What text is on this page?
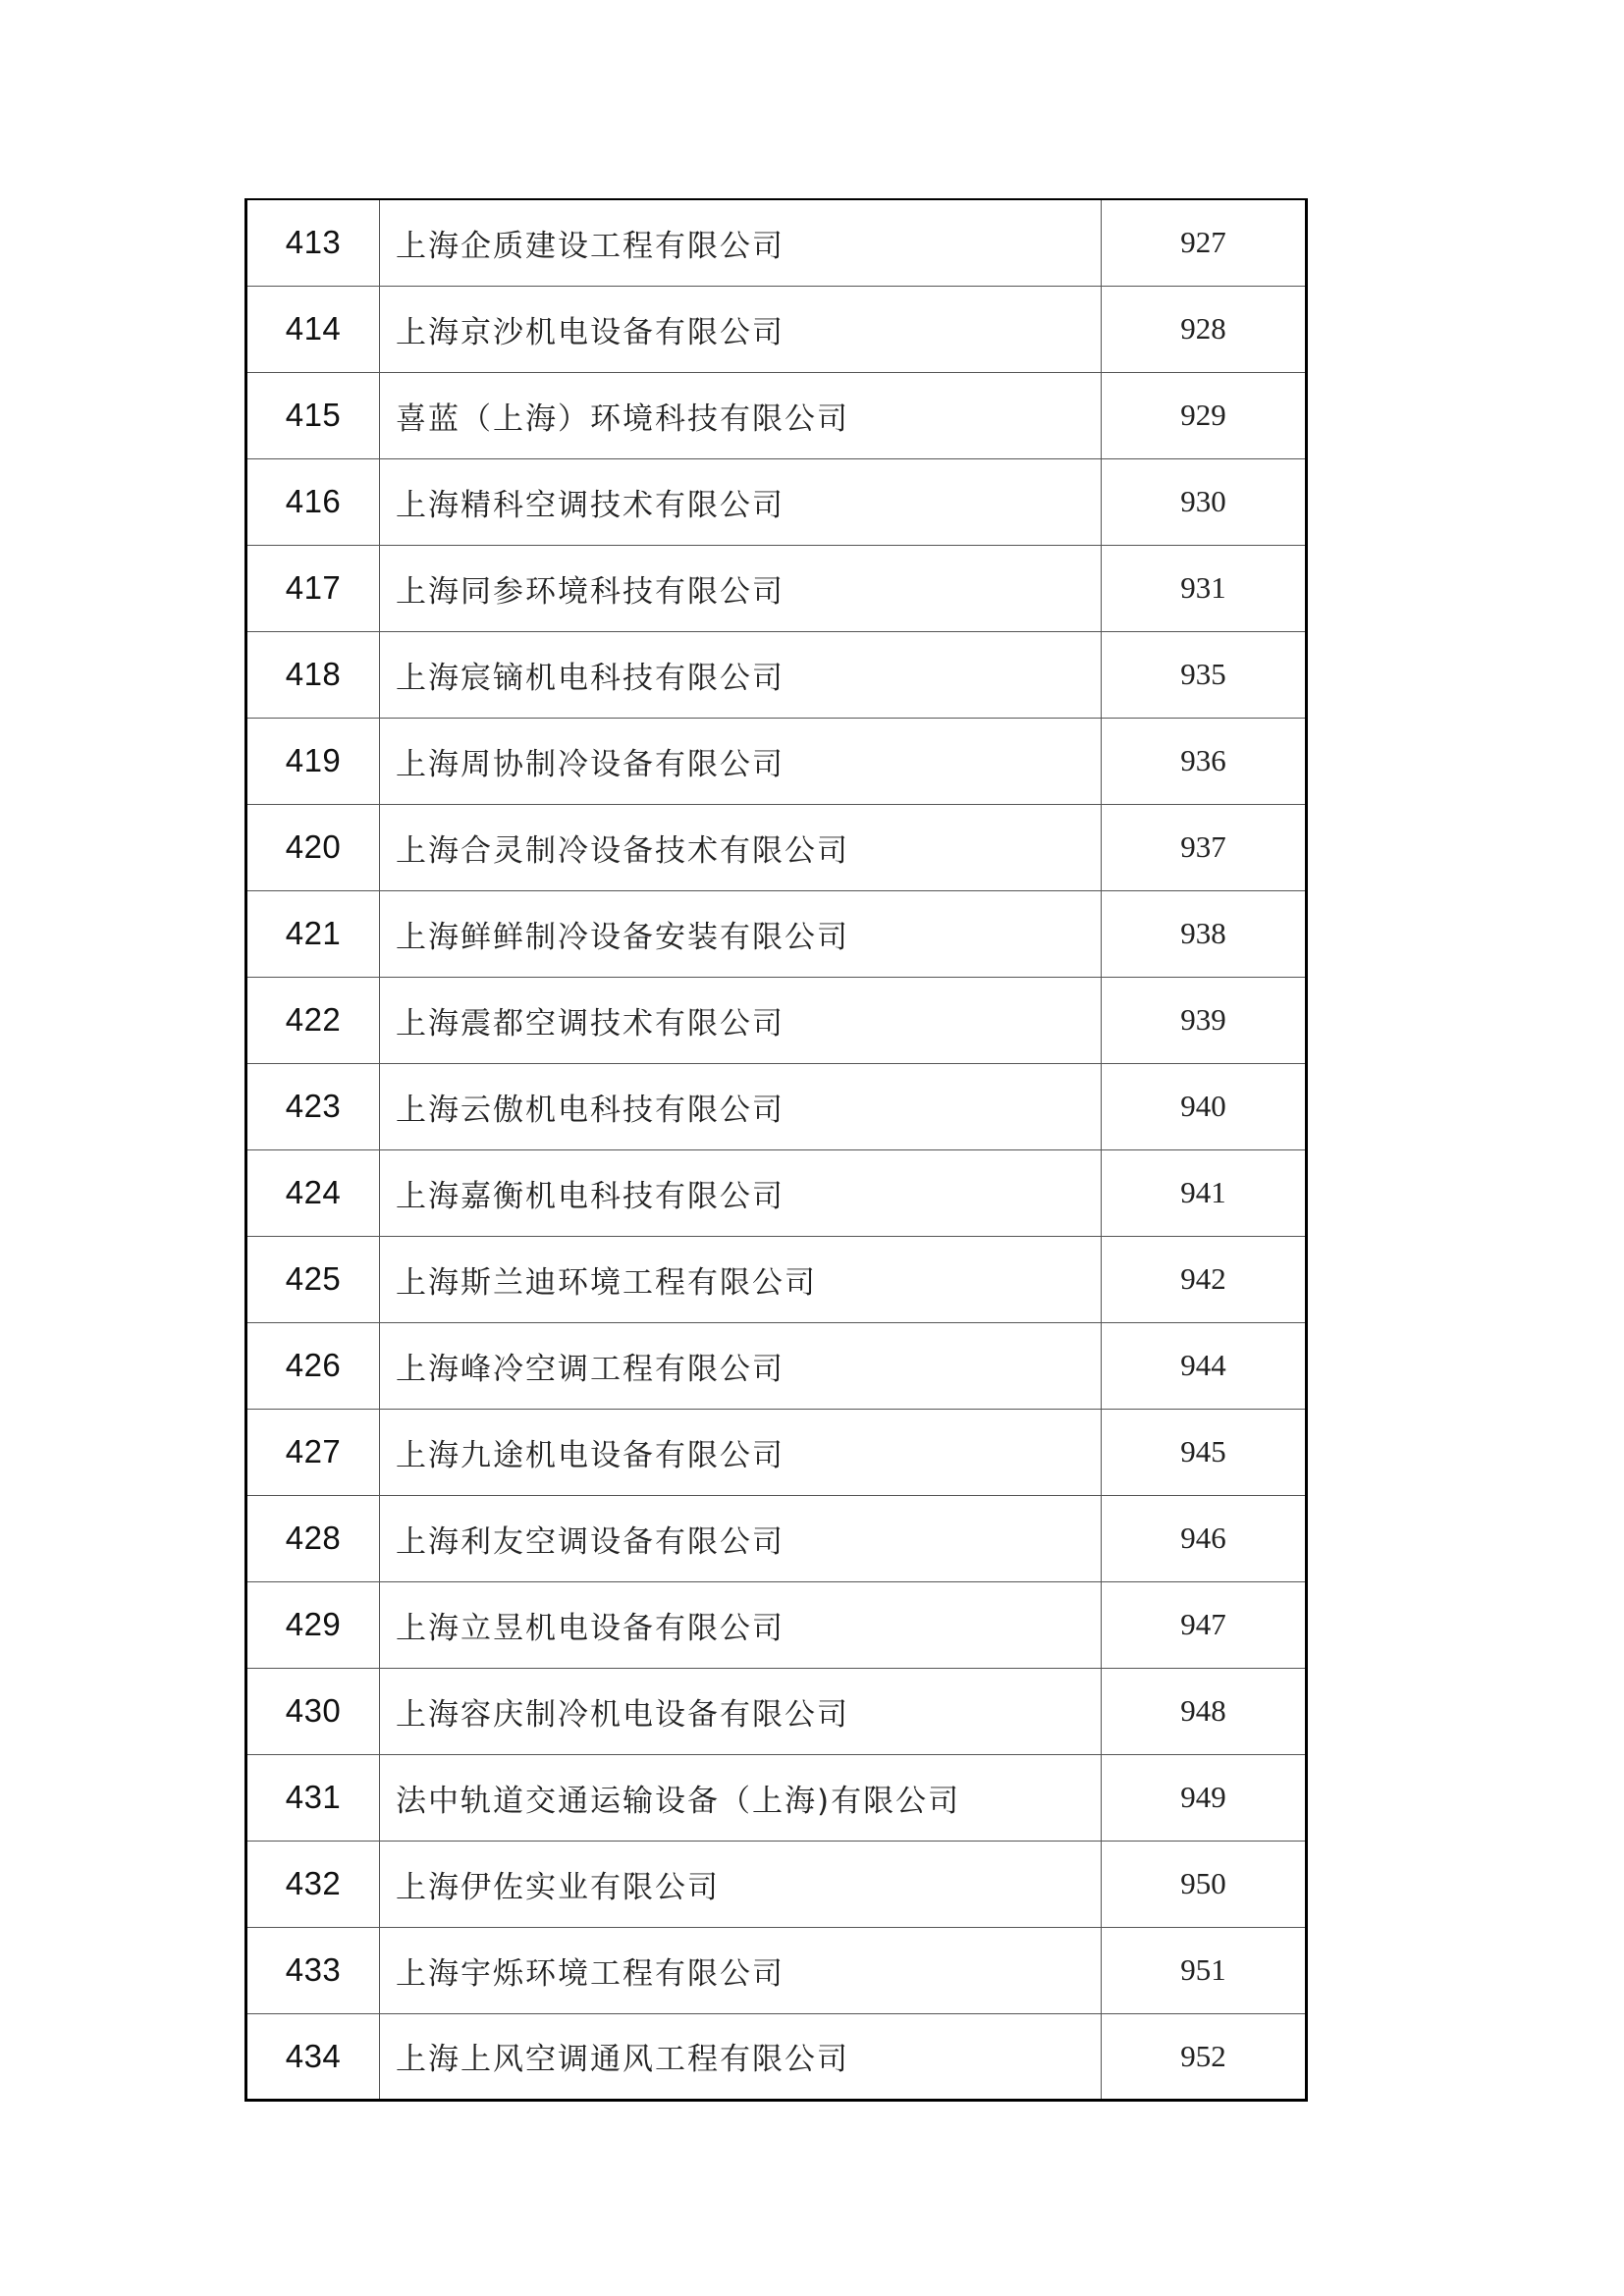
413	上海企质建设工程有限公司	927
414	上海京沙机电设备有限公司	928
415	喜蓝（上海）环境科技有限公司	929
416	上海精科空调技术有限公司	930
417	上海同参环境科技有限公司	931
418	上海宸镝机电科技有限公司	935
419	上海周协制冷设备有限公司	936
420	上海合灵制冷设备技术有限公司	937
421	上海鲜鲜制冷设备安装有限公司	938
422	上海震都空调技术有限公司	939
423	上海云傲机电科技有限公司	940
424	上海嘉衡机电科技有限公司	941
425	上海斯兰迪环境工程有限公司	942
426	上海峰冷空调工程有限公司	944
427	上海九途机电设备有限公司	945
428	上海利友空调设备有限公司	946
429	上海立昱机电设备有限公司	947
430	上海容庆制冷机电设备有限公司	948
431	法中轨道交通运输设备（上海)有限公司	949
432	上海伊佐实业有限公司	950
433	上海宇烁环境工程有限公司	951
434	上海上风空调通风工程有限公司	952
